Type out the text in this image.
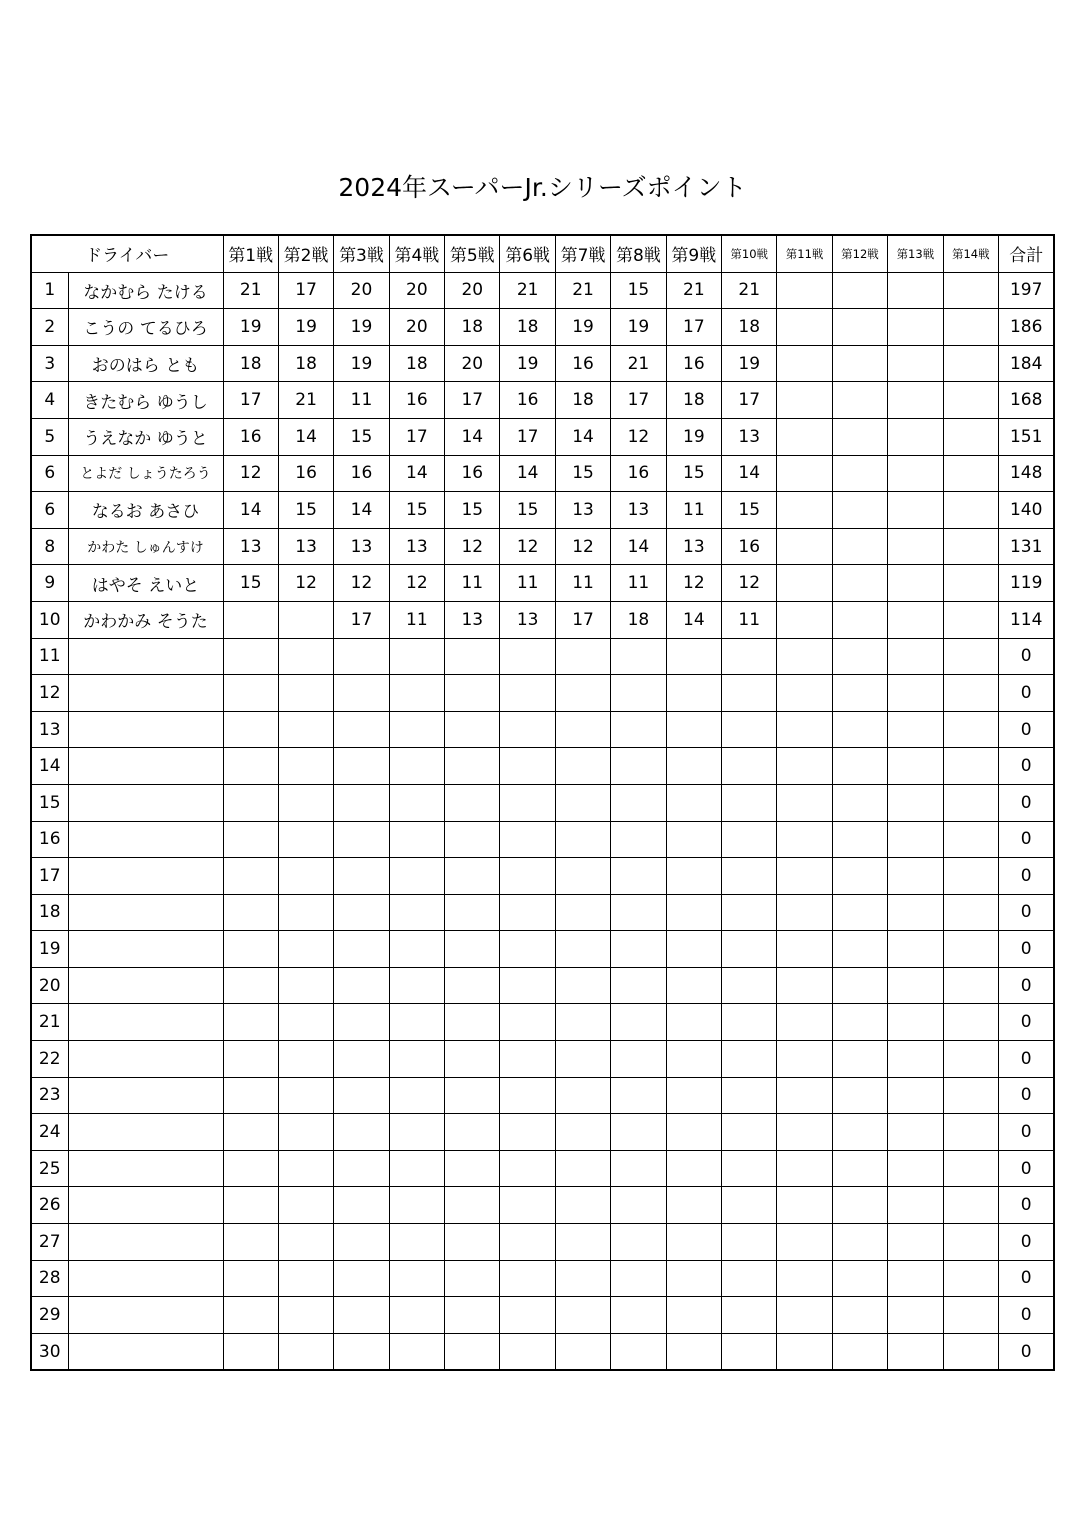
2024年スーパーJr.シリーズポイント
ドライバー		第1戦	第2戦	第3戦	第4戦	第5戦	第6戦	第7戦	第8戦	第9戦	第10戦	第11戦	第12戦	第13戦	第14戦	合計
1	なかむら たける	21	17	20	20	20	21	21	15	21	21					197
2	こうの てるひろ	19	19	19	20	18	18	19	19	17	18					186
3	おのはら とも	18	18	19	18	20	19	16	21	16	19					184
4	きたむら ゆうし	17	21	11	16	17	16	18	17	18	17					168
5	うえなか ゆうと	16	14	15	17	14	17	14	12	19	13					151
6	とよだ しょうたろう	12	16	16	14	16	14	15	16	15	14					148
6	なるお あさひ	14	15	14	15	15	15	13	13	11	15					140
8	かわた しゅんすけ	13	13	13	13	12	12	12	14	13	16					131
9	はやそ えいと	15	12	12	12	11	11	11	11	12	12					119
10	かわかみ そうた			17	11	13	13	17	18	14	11					114
11																0
12																0
13																0
14																0
15																0
16																0
17																0
18																0
19																0
20																0
21																0
22																0
23																0
24																0
25																0
26																0
27																0
28																0
29																0
30																0
